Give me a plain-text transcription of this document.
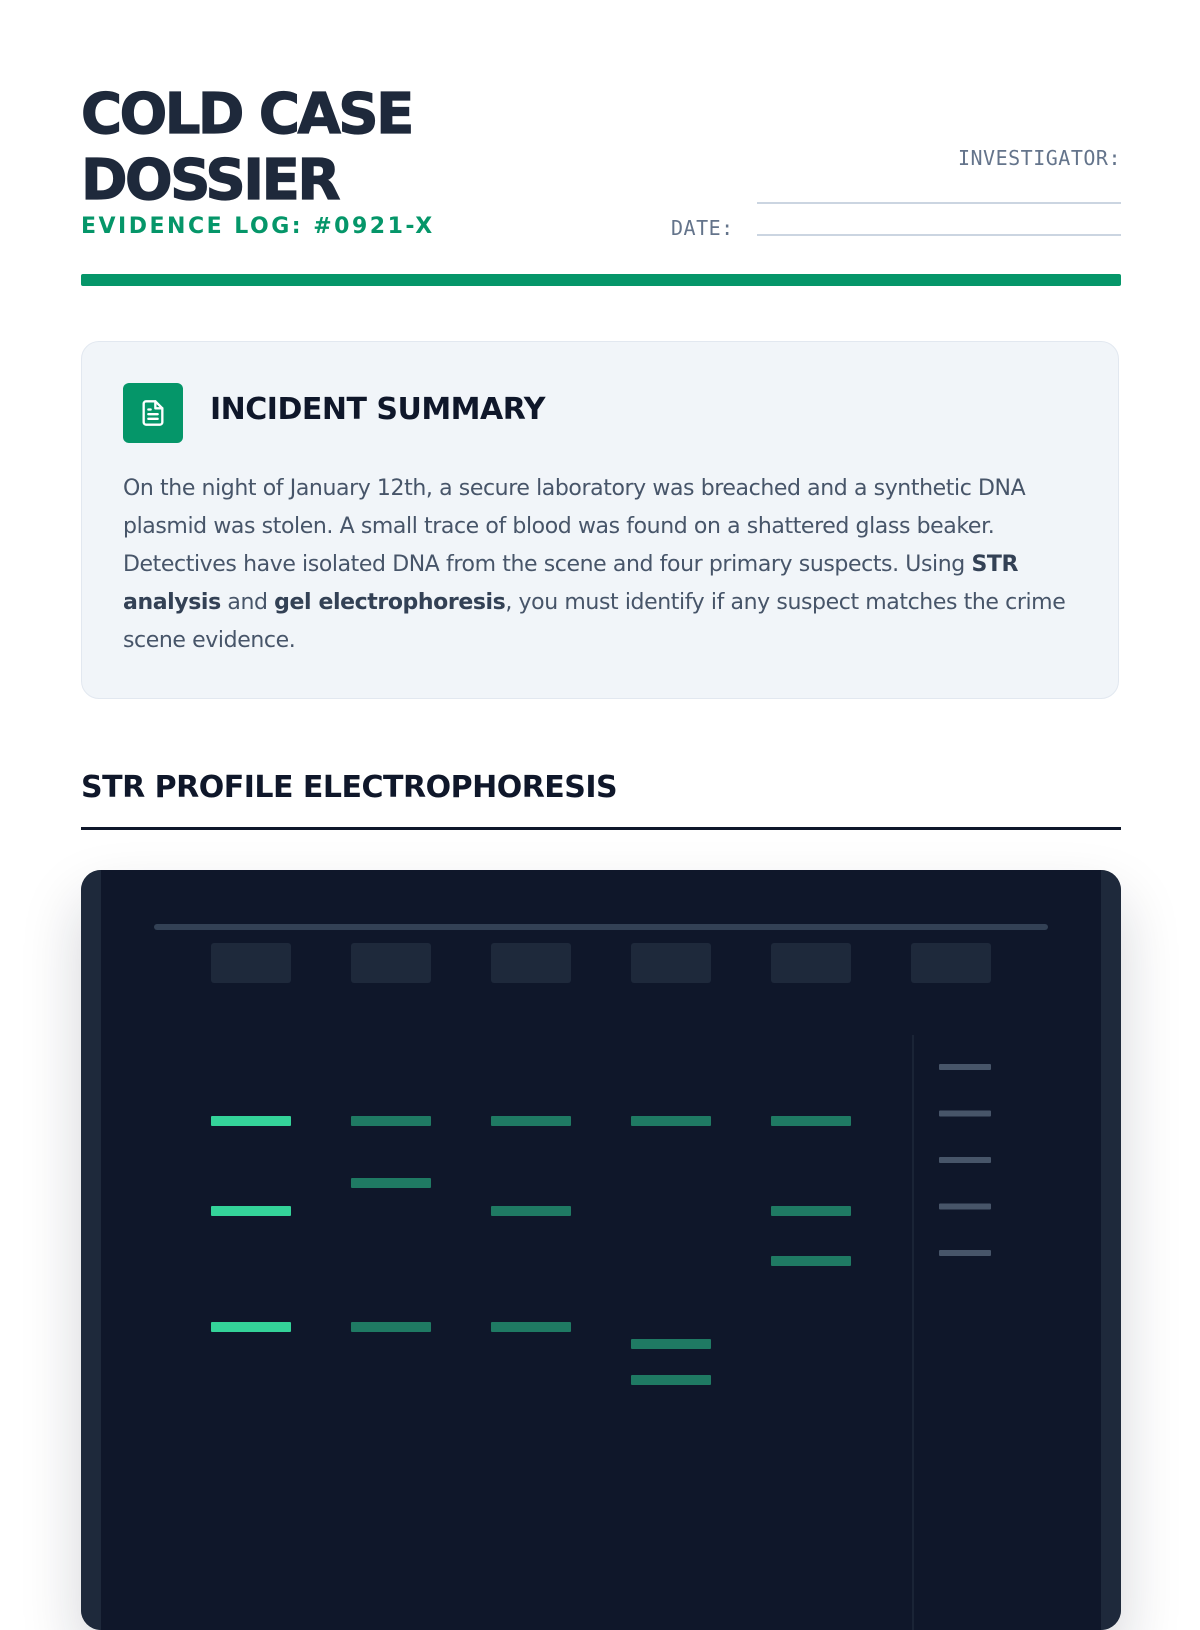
COLD CASE
DOSSIER
EVIDENCE LOG: #0921-X
INVESTIGATOR:
DATE:
INCIDENT SUMMARY

On the night of January 12th, a secure laboratory was breached and a synthetic DNA plasmid was stolen. A small trace of blood was found on a shattered glass beaker. Detectives have isolated DNA from the scene and four primary suspects. Using STR analysis and gel electrophoresis, you must identify if any suspect matches the crime scene evidence.

STR PROFILE ELECTROPHORESIS
